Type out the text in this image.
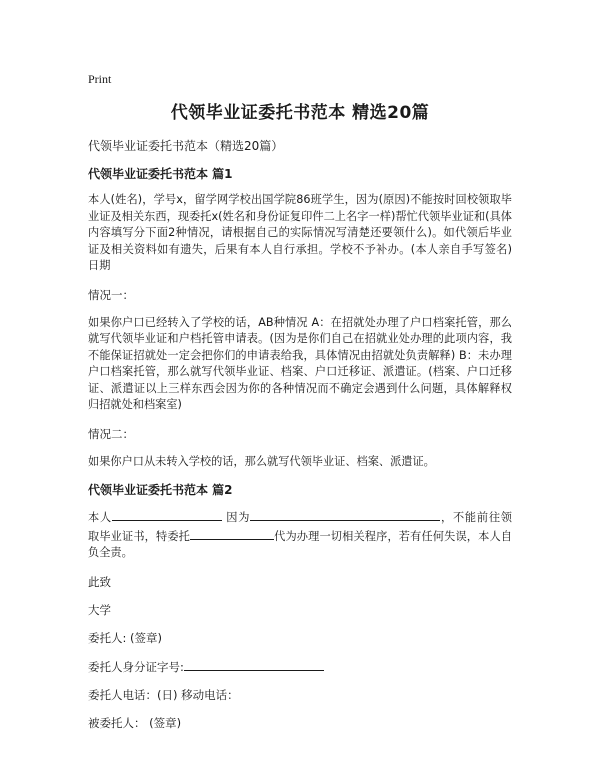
Print
代领毕业证委托书范本 精选20篇
代领毕业证委托书范本（精选20篇）
代领毕业证委托书范本 篇1
本人(姓名)，学号x，留学网学校出国学院86班学生，因为(原因)不能按时回校领取毕业证及相关东西，现委托x(姓名和身份证复印件二上名字一样)帮忙代领毕业证和(具体内容填写分下面2种情况，请根据自己的实际情况写清楚还要领什么)。如代领后毕业证及相关资料如有遗失，后果有本人自行承担。学校不予补办。(本人亲自手写签名) 日期
情况一：
如果你户口已经转入了学校的话，AB种情况 A：在招就处办理了户口档案托管，那么就写代领毕业证和户档托管申请表。(因为是你们自己在招就业处办理的此项内容，我不能保证招就处一定会把你们的申请表给我，具体情况由招就处负责解释) B：未办理户口档案托管，那么就写代领毕业证、档案、户口迁移证、派遣证。(档案、户口迁移证、派遣证以上三样东西会因为你的各种情况而不确定会遇到什么问题，具体解释权归招就处和档案室)
情况二：
如果你户口从未转入学校的话，那么就写代领毕业证、档案、派遣证。
代领毕业证委托书范本 篇2
本人	因为	，不能前往领取毕业证书，特委托	代为办理一切相关程序，若有任何失误，本人自负全责。
此致
大学
委托人: (签章)
委托人身分证字号:
委托人电话：(日) 移动电话：
被委托人： (签章)
